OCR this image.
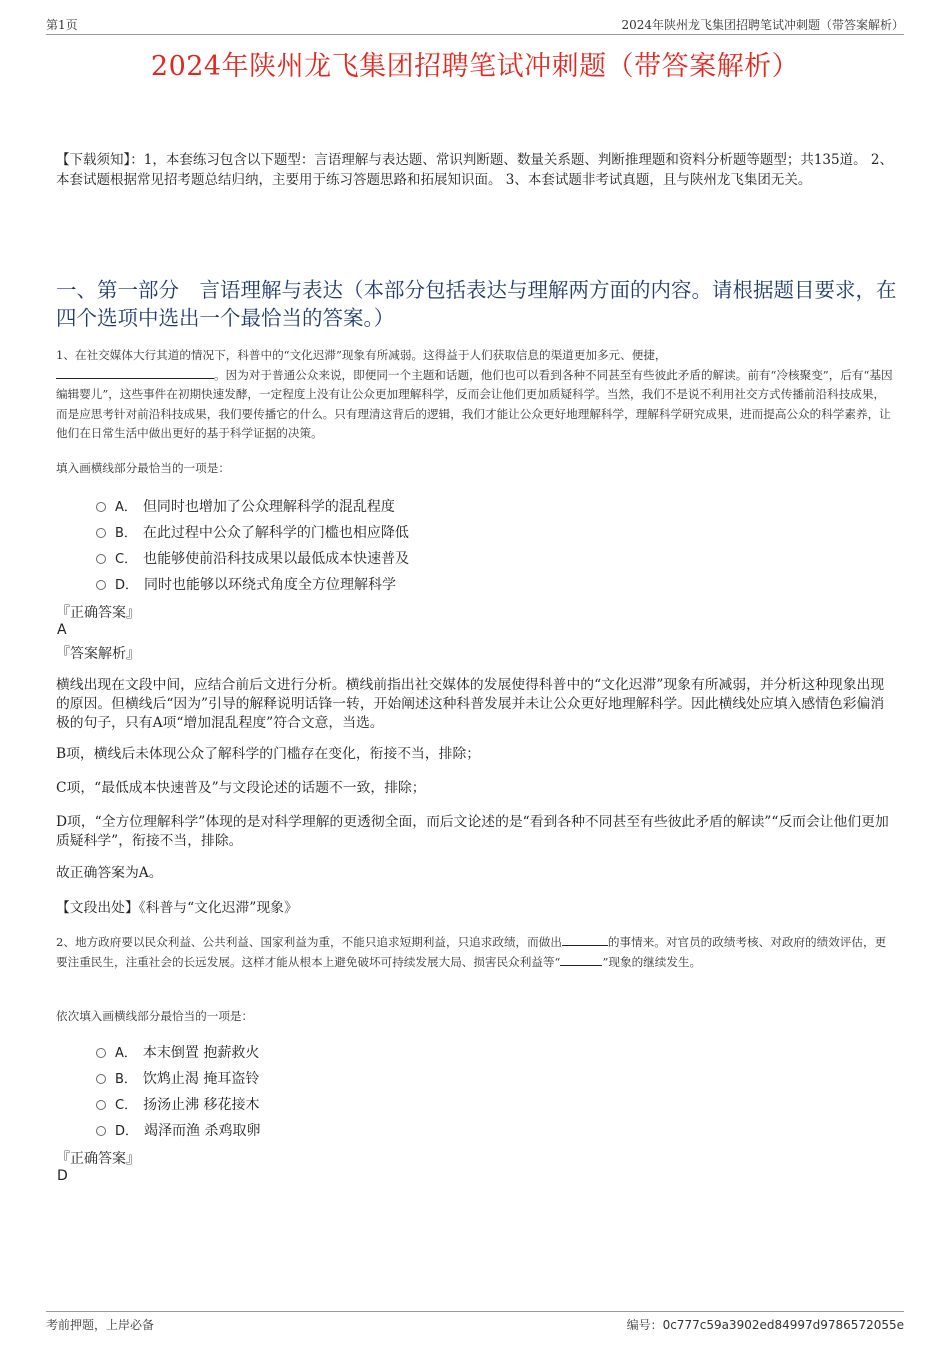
第1页	2024年陕州龙飞集团招聘笔试冲刺题（带答案解析）
2024年陕州龙飞集团招聘笔试冲刺题（带答案解析）

【下载须知】：1，本套练习包含以下题型：言语理解与表达题、常识判断题、数量关系题、判断推理题和资料分析题等题型；共135道。 2、本套试题根据常见招考题总结归纳，主要用于练习答题思路和拓展知识面。 3、本套试题非考试真题，且与陕州龙飞集团无关。

一、第一部分　言语理解与表达（本部分包括表达与理解两方面的内容。请根据题目要求，在四个选项中选出一个最恰当的答案。）

1、在社交媒体大行其道的情况下，科普中的“文化迟滞”现象有所减弱。这得益于人们获取信息的渠道更加多元、便捷，
。因为对于普通公众来说，即便同一个主题和话题，他们也可以看到各种不同甚至有些彼此矛盾的解读。前有“冷核聚变”，后有“基因编辑婴儿”，这些事件在初期快速发酵，一定程度上没有让公众更加理解科学，反而会让他们更加质疑科学。当然，我们不是说不利用社交方式传播前沿科技成果，而是应思考针对前沿科技成果，我们要传播它的什么。只有理清这背后的逻辑，我们才能让公众更好地理解科学，理解科学研究成果，进而提高公众的科学素养，让他们在日常生活中做出更好的基于科学证据的决策。

填入画横线部分最恰当的一项是：

A． 但同时也增加了公众理解科学的混乱程度
B． 在此过程中公众了解科学的门槛也相应降低
C． 也能够使前沿科技成果以最低成本快速普及
D． 同时也能够以环绕式角度全方位理解科学
『正确答案』
A
『答案解析』

横线出现在文段中间，应结合前后文进行分析。横线前指出社交媒体的发展使得科普中的“文化迟滞”现象有所减弱，并分析这种现象出现的原因。但横线后“因为”引导的解释说明话锋一转，开始阐述这种科普发展并未让公众更好地理解科学。因此横线处应填入感情色彩偏消极的句子，只有A项“增加混乱程度”符合文意，当选。

B项，横线后未体现公众了解科学的门槛存在变化，衔接不当，排除；

C项，“最低成本快速普及”与文段论述的话题不一致，排除；

D项，“全方位理解科学”体现的是对科学理解的更透彻全面，而后文论述的是“看到各种不同甚至有些彼此矛盾的解读”“反而会让他们更加质疑科学”，衔接不当，排除。

故正确答案为A。

【文段出处】《科普与“文化迟滞”现象》

2、地方政府要以民众利益、公共利益、国家利益为重，不能只追求短期利益，只追求政绩，而做出	的事情来。对官员的政绩考核、对政府的绩效评估，更要注重民生，注重社会的长远发展。这样才能从根本上避免破坏可持续发展大局、损害民众利益等“	”现象的继续发生。

依次填入画横线部分最恰当的一项是：

A． 本末倒置 抱薪救火
B． 饮鸩止渴 掩耳盗铃
C． 扬汤止沸 移花接木
D． 竭泽而渔 杀鸡取卵
『正确答案』
D
考前押题，上岸必备	编号：0c777c59a3902ed84997d9786572055e
